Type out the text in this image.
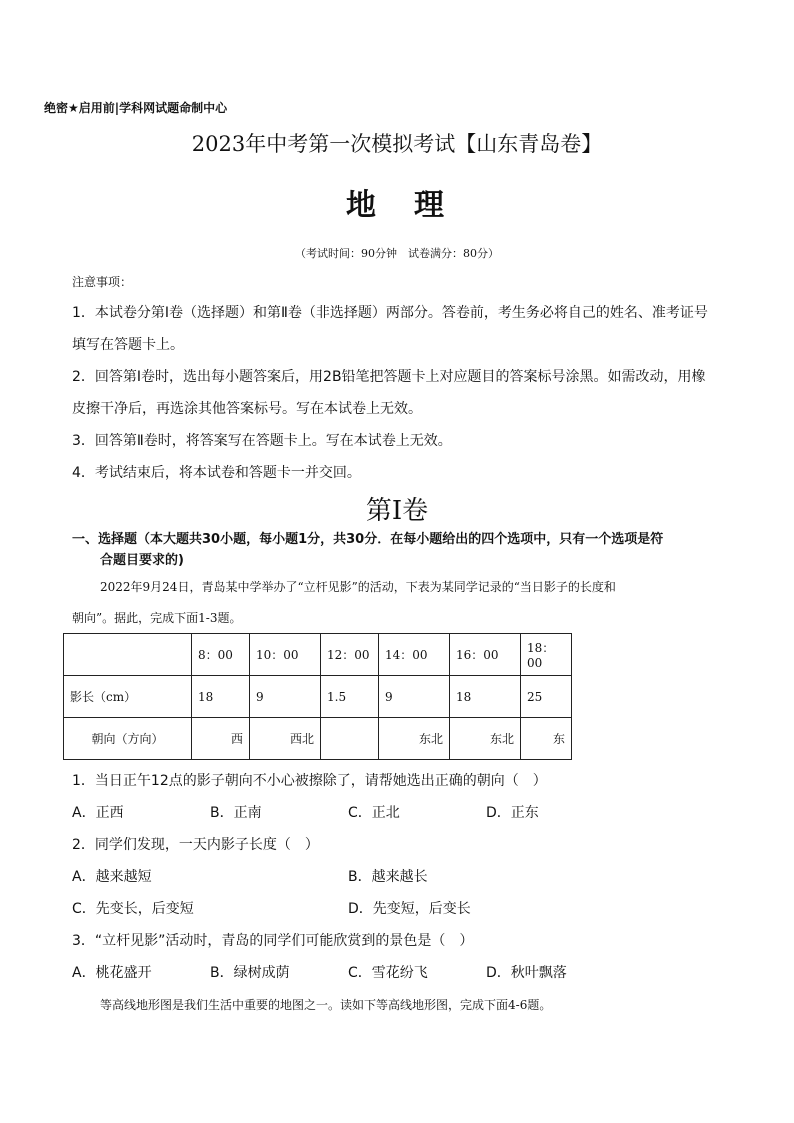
绝密★启用前|学科网试题命制中心
2023年中考第一次模拟考试【山东青岛卷】
地　理
（考试时间：90分钟　试卷满分：80分）
注意事项：
1．本试卷分第Ⅰ卷（选择题）和第Ⅱ卷（非选择题）两部分。答卷前，考生务必将自己的姓名、准考证号
填写在答题卡上。
2．回答第Ⅰ卷时，选出每小题答案后，用2B铅笔把答题卡上对应题目的答案标号涂黑。如需改动，用橡
皮擦干净后，再选涂其他答案标号。写在本试卷上无效。
3．回答第Ⅱ卷时，将答案写在答题卡上。写在本试卷上无效。
4．考试结束后，将本试卷和答题卡一并交回。
第Ⅰ卷
一、选择题（本大题共30小题，每小题1分，共30分．在每小题给出的四个选项中，只有一个选项是符
合题目要求的)
2022年9月24日，青岛某中学举办了“立杆见影”的活动，下表为某同学记录的“当日影子的长度和
朝向”。据此，完成下面1-3题。
	8：00	10：00	12：00	14：00	16：00	18：00
影长（cm）	18	9	1.5	9	18	25
朝向（方向）	西	西北		东北	东北	东
1．当日正午12点的影子朝向不小心被擦除了，请帮她选出正确的朝向（　）
A．正西	B．正南	C．正北	D．正东
2．同学们发现，一天内影子长度（　）
A．越来越短	B．越来越长
C．先变长，后变短	D．先变短，后变长
3．“立杆见影”活动时，青岛的同学们可能欣赏到的景色是（　）
A．桃花盛开	B．绿树成荫	C．雪花纷飞	D．秋叶飘落
等高线地形图是我们生活中重要的地图之一。读如下等高线地形图，完成下面4-6题。
